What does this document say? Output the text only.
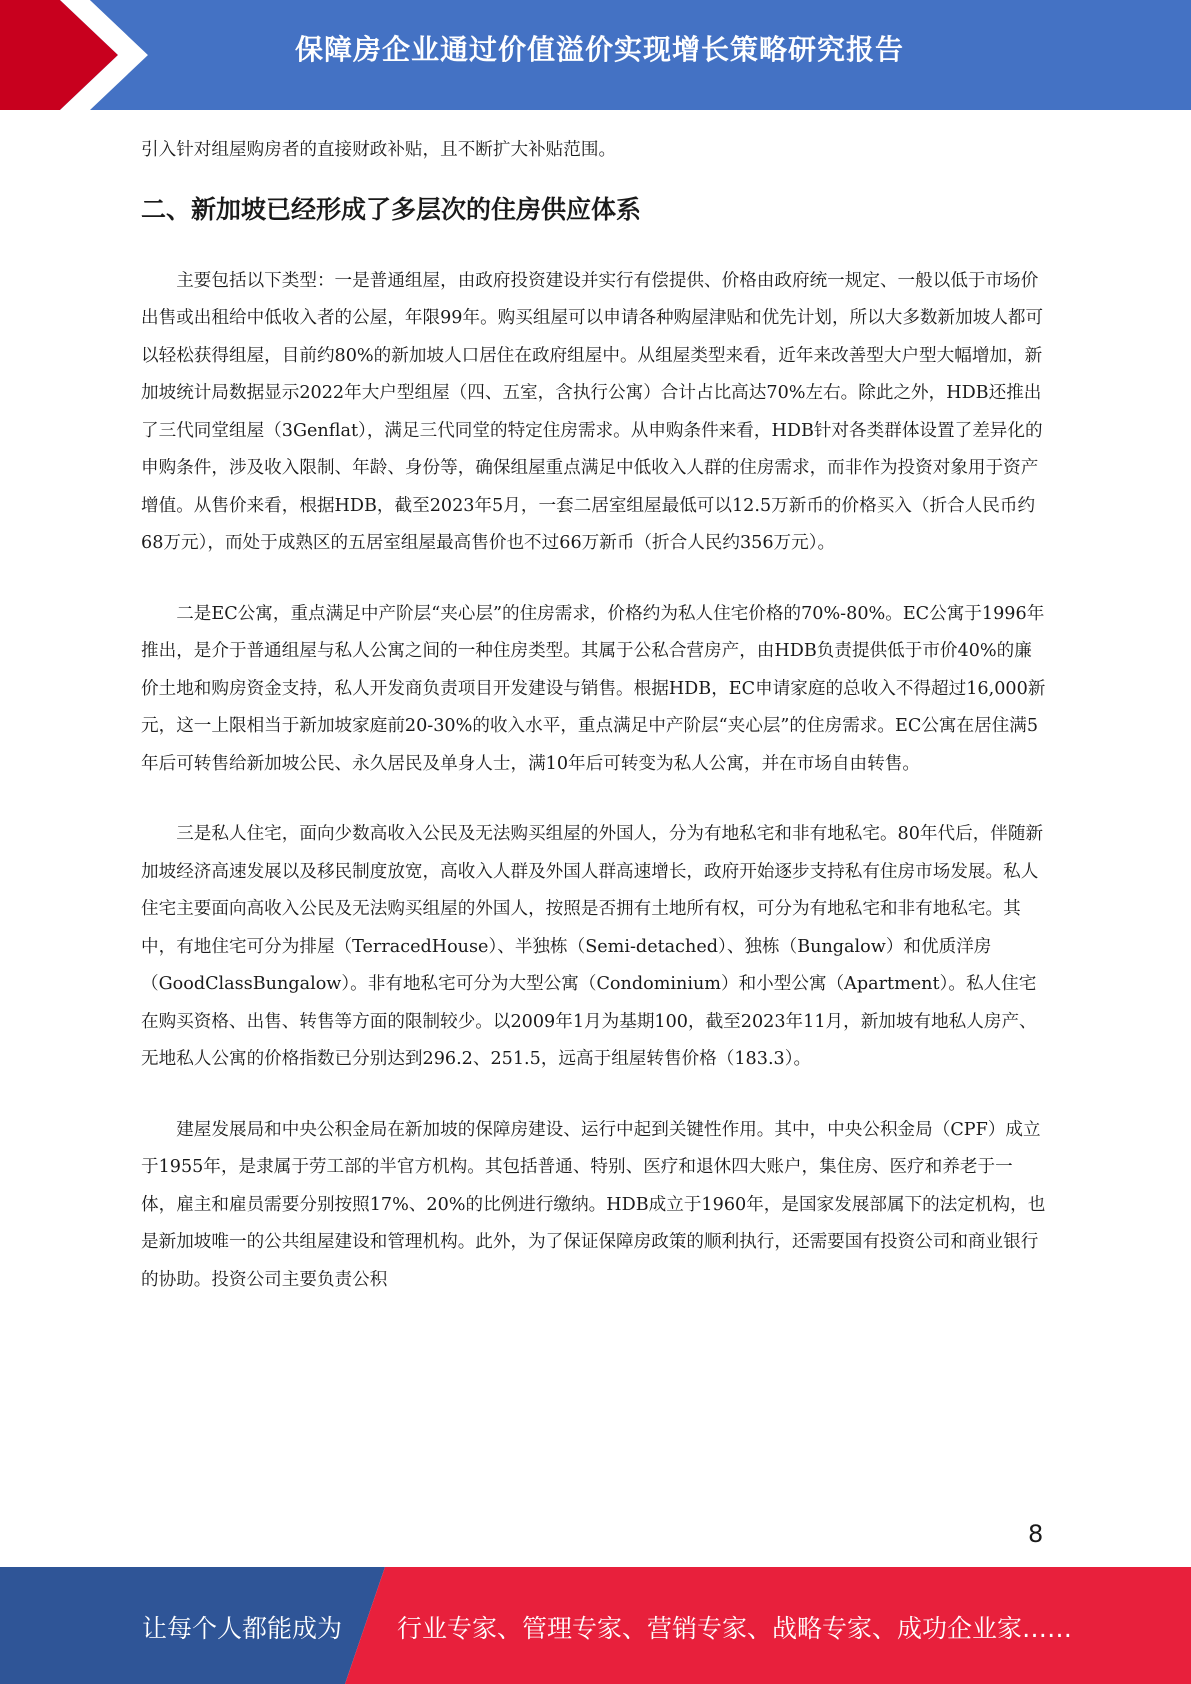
保障房企业通过价值溢价实现增长策略研究报告

引入针对组屋购房者的直接财政补贴，且不断扩大补贴范围。

二、新加坡已经形成了多层次的住房供应体系

主要包括以下类型：一是普通组屋，由政府投资建设并实行有偿提供、价格由政府统一规定、一般以低于市场价出售或出租给中低收入者的公屋，年限99年。购买组屋可以申请各种购屋津贴和优先计划，所以大多数新加坡人都可以轻松获得组屋，目前约80%的新加坡人口居住在政府组屋中。从组屋类型来看，近年来改善型大户型大幅增加，新加坡统计局数据显示2022年大户型组屋（四、五室，含执行公寓）合计占比高达70%左右。除此之外，HDB还推出了三代同堂组屋（3Genflat），满足三代同堂的特定住房需求。从申购条件来看，HDB针对各类群体设置了差异化的申购条件，涉及收入限制、年龄、身份等，确保组屋重点满足中低收入人群的住房需求，而非作为投资对象用于资产增值。从售价来看，根据HDB，截至2023年5月，一套二居室组屋最低可以12.5万新币的价格买入（折合人民币约68万元），而处于成熟区的五居室组屋最高售价也不过66万新币（折合人民约356万元）。

二是EC公寓，重点满足中产阶层“夹心层”的住房需求，价格约为私人住宅价格的70%-80%。EC公寓于1996年推出，是介于普通组屋与私人公寓之间的一种住房类型。其属于公私合营房产，由HDB负责提供低于市价40%的廉价土地和购房资金支持，私人开发商负责项目开发建设与销售。根据HDB，EC申请家庭的总收入不得超过16,000新元，这一上限相当于新加坡家庭前20-30%的收入水平，重点满足中产阶层“夹心层”的住房需求。EC公寓在居住满5年后可转售给新加坡公民、永久居民及单身人士，满10年后可转变为私人公寓，并在市场自由转售。

三是私人住宅，面向少数高收入公民及无法购买组屋的外国人，分为有地私宅和非有地私宅。80年代后，伴随新加坡经济高速发展以及移民制度放宽，高收入人群及外国人群高速增长，政府开始逐步支持私有住房市场发展。私人住宅主要面向高收入公民及无法购买组屋的外国人，按照是否拥有土地所有权，可分为有地私宅和非有地私宅。其中，有地住宅可分为排屋（TerracedHouse）、半独栋（Semi-detached）、独栋（Bungalow）和优质洋房（GoodClassBungalow）。非有地私宅可分为大型公寓（Condominium）和小型公寓（Apartment）。私人住宅在购买资格、出售、转售等方面的限制较少。以2009年1月为基期100，截至2023年11月，新加坡有地私人房产、无地私人公寓的价格指数已分别达到296.2、251.5，远高于组屋转售价格（183.3）。

建屋发展局和中央公积金局在新加坡的保障房建设、运行中起到关键性作用。其中，中央公积金局（CPF）成立于1955年，是隶属于劳工部的半官方机构。其包括普通、特别、医疗和退休四大账户，集住房、医疗和养老于一体，雇主和雇员需要分别按照17%、20%的比例进行缴纳。HDB成立于1960年，是国家发展部属下的法定机构，也是新加坡唯一的公共组屋建设和管理机构。此外，为了保证保障房政策的顺利执行，还需要国有投资公司和商业银行的协助。投资公司主要负责公积

8
让每个人都能成为 行业专家、管理专家、营销专家、战略专家、成功企业家……
